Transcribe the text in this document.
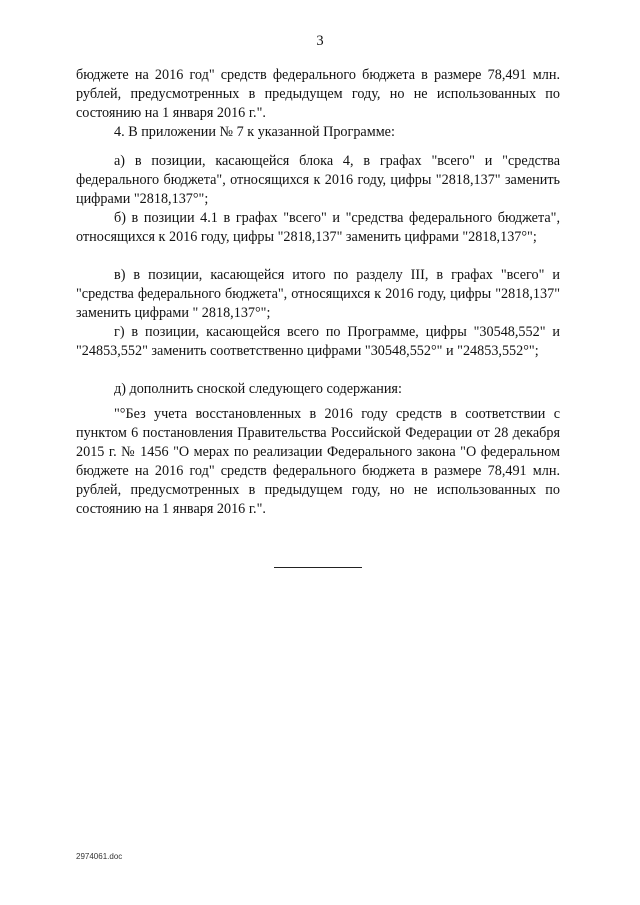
3

бюджете на 2016 год" средств федерального бюджета в размере 78,491 млн. рублей, предусмотренных в предыдущем году, но не использованных по состоянию на 1 января 2016 г.".

4. В приложении № 7 к указанной Программе:

а) в позиции, касающейся блока 4, в графах "всего" и "средства федерального бюджета", относящихся к 2016 году, цифры "2818,137" заменить цифрами "2818,137°";

б) в позиции 4.1 в графах "всего" и "средства федерального бюджета", относящихся к 2016 году, цифры "2818,137" заменить цифрами "2818,137°";

в) в позиции, касающейся итого по разделу III, в графах "всего" и "средства федерального бюджета", относящихся к 2016 году, цифры "2818,137" заменить цифрами " 2818,137°";

г) в позиции, касающейся всего по Программе, цифры "30548,552" и "24853,552" заменить соответственно цифрами "30548,552°" и "24853,552°";

д) дополнить сноской следующего содержания:

"°Без учета восстановленных в 2016 году средств в соответствии с пунктом 6 постановления Правительства Российской Федерации от 28 декабря 2015 г. № 1456 "О мерах по реализации Федерального закона "О федеральном бюджете на 2016 год" средств федерального бюджета в размере 78,491 млн. рублей, предусмотренных в предыдущем году, но не использованных по состоянию на 1 января 2016 г.".

2974061.doc
